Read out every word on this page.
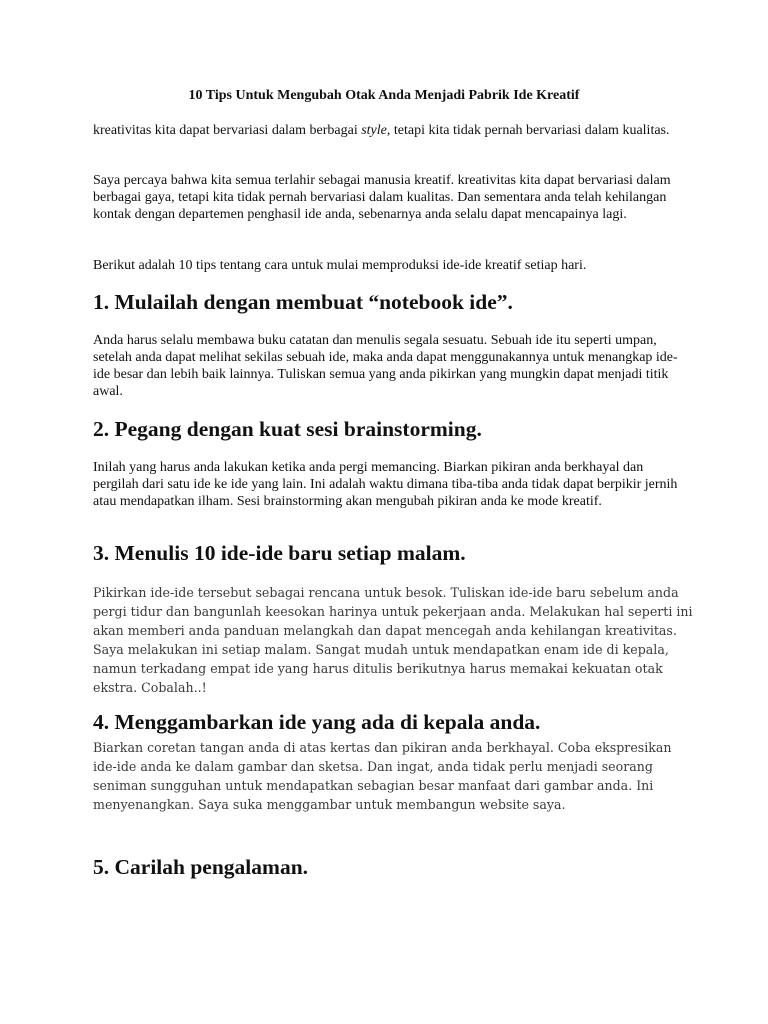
10 Tips Untuk Mengubah Otak Anda Menjadi Pabrik Ide Kreatif

kreativitas kita dapat bervariasi dalam berbagai style, tetapi kita tidak pernah bervariasi dalam kualitas.

Saya percaya bahwa kita semua terlahir sebagai manusia kreatif. kreativitas kita dapat bervariasi dalam berbagai gaya, tetapi kita tidak pernah bervariasi dalam kualitas. Dan sementara anda telah kehilangan kontak dengan departemen penghasil ide anda, sebenarnya anda selalu dapat mencapainya lagi.

Berikut adalah 10 tips tentang cara untuk mulai memproduksi ide-ide kreatif setiap hari.

1. Mulailah dengan membuat “notebook ide”.

Anda harus selalu membawa buku catatan dan menulis segala sesuatu. Sebuah ide itu seperti umpan, setelah anda dapat melihat sekilas sebuah ide, maka anda dapat menggunakannya untuk menangkap ide-ide besar dan lebih baik lainnya. Tuliskan semua yang anda pikirkan yang mungkin dapat menjadi titik awal.

2. Pegang dengan kuat sesi brainstorming.

Inilah yang harus anda lakukan ketika anda pergi memancing. Biarkan pikiran anda berkhayal dan pergilah dari satu ide ke ide yang lain. Ini adalah waktu dimana tiba-tiba anda tidak dapat berpikir jernih atau mendapatkan ilham. Sesi brainstorming akan mengubah pikiran anda ke mode kreatif.

3. Menulis 10 ide-ide baru setiap malam.

Pikirkan ide-ide tersebut sebagai rencana untuk besok. Tuliskan ide-ide baru sebelum anda pergi tidur dan bangunlah keesokan harinya untuk pekerjaan anda. Melakukan hal seperti ini akan memberi anda panduan melangkah dan dapat mencegah anda kehilangan kreativitas. Saya melakukan ini setiap malam. Sangat mudah untuk mendapatkan enam ide di kepala, namun terkadang empat ide yang harus ditulis berikutnya harus memakai kekuatan otak ekstra. Cobalah..!

4. Menggambarkan ide yang ada di kepala anda.

Biarkan coretan tangan anda di atas kertas dan pikiran anda berkhayal. Coba ekspresikan ide-ide anda ke dalam gambar dan sketsa. Dan ingat, anda tidak perlu menjadi seorang seniman sungguhan untuk mendapatkan sebagian besar manfaat dari gambar anda. Ini menyenangkan. Saya suka menggambar untuk membangun website saya.

5. Carilah pengalaman.
